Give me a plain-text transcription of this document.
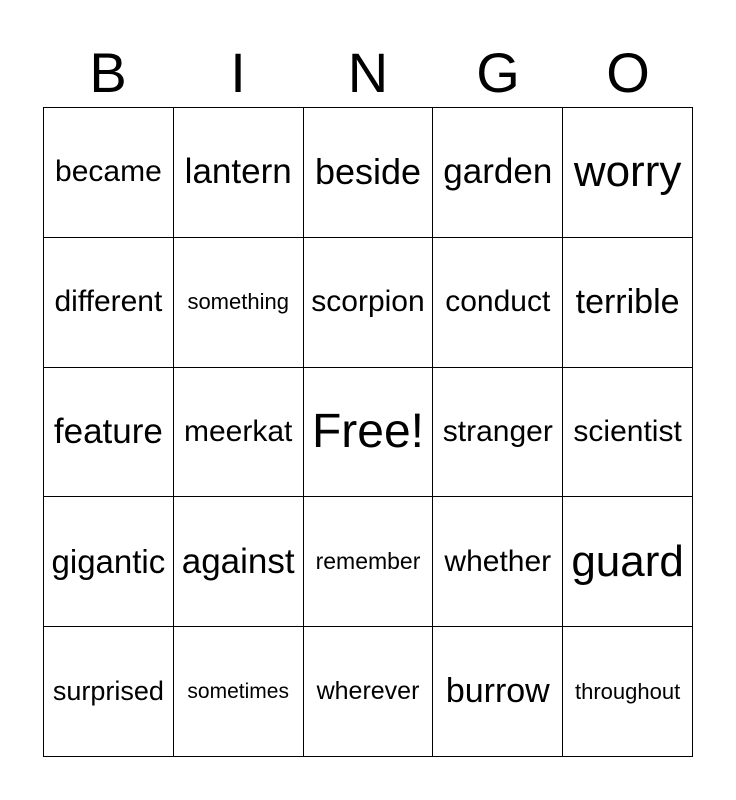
B	I	N	G	O
became lantern beside garden worry
different	something scorpion conduct terrible
feature meerkat Free! stranger scientist
gigantic against remember whether guard
surprised	sometimes	wherever burrow	throughout
